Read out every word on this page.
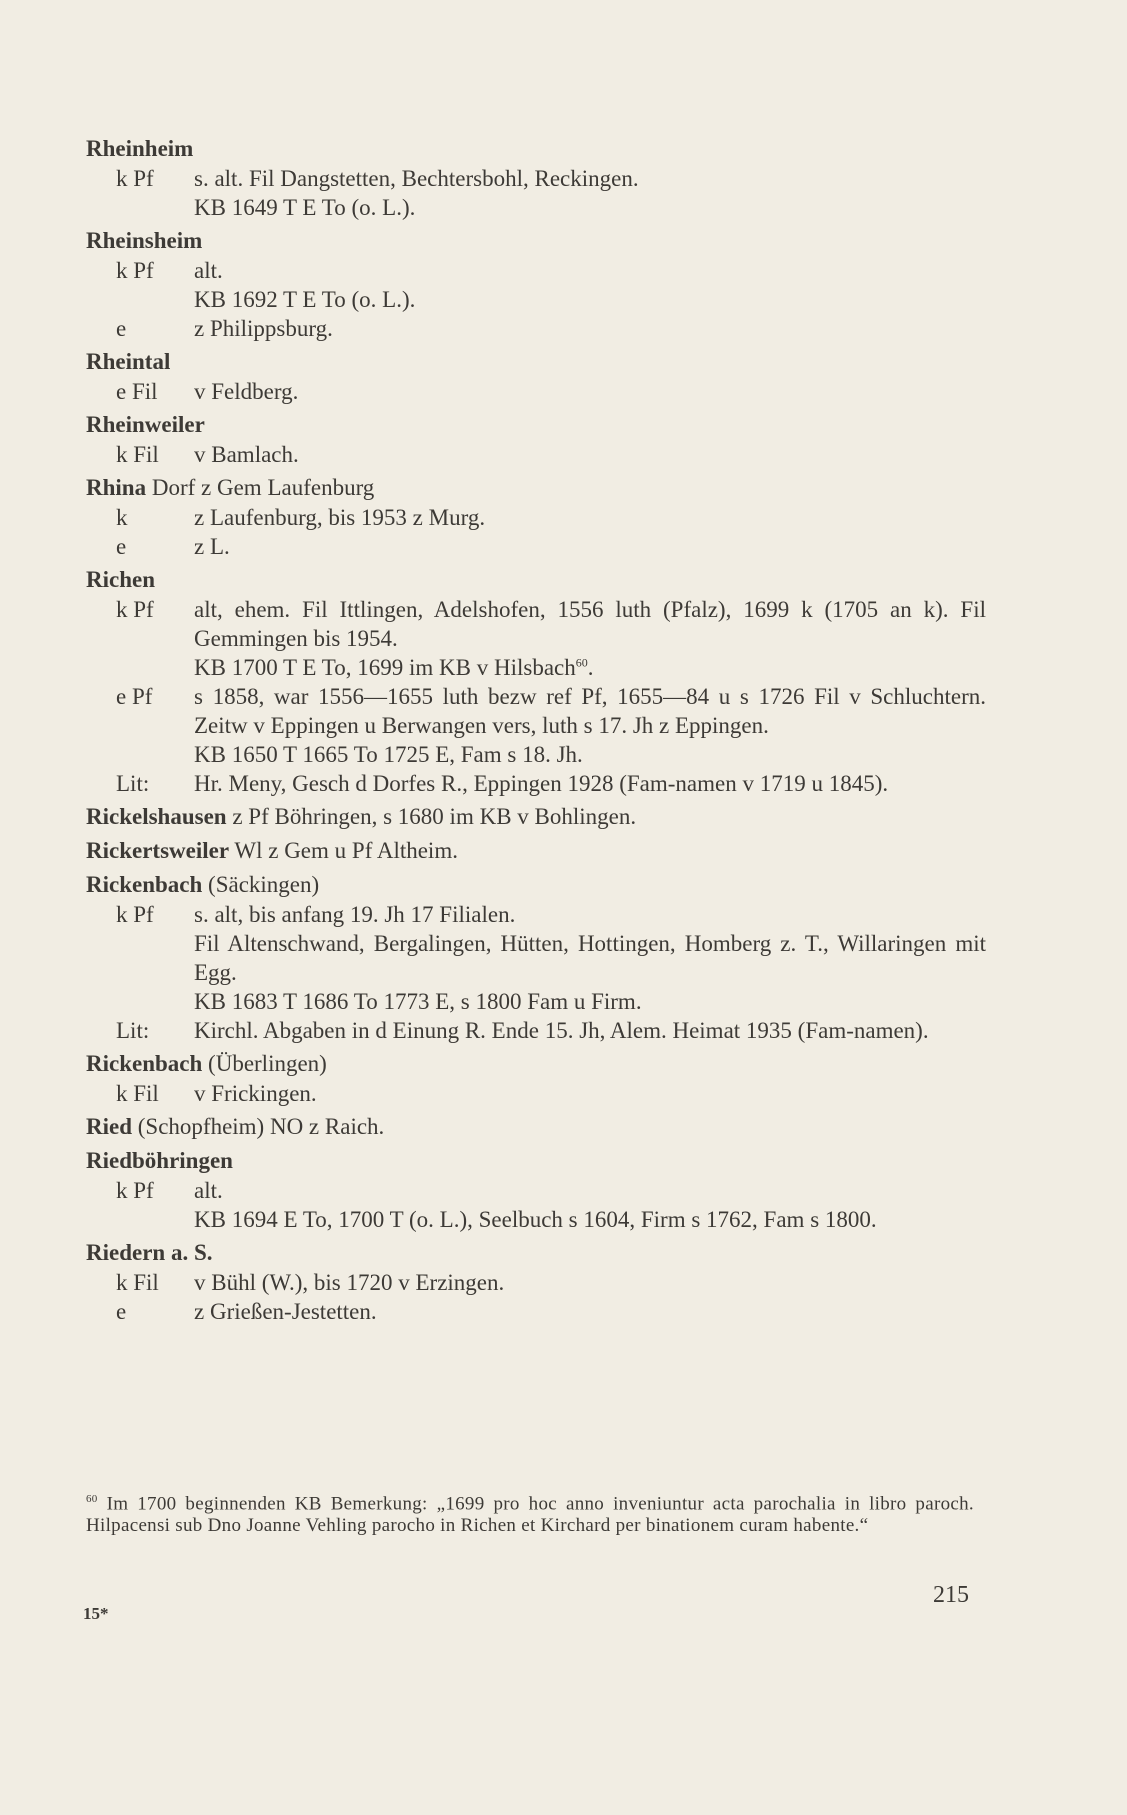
Rheinheim
k Pf	s. alt. Fil Dangstetten, Bechtersbohl, Reckingen.
KB 1649 T E To (o. L.).
Rheinsheim
k Pf	alt.
KB 1692 T E To (o. L.).
e	z Philippsburg.
Rheintal
e Fil	v Feldberg.
Rheinweiler
k Fil	v Bamlach.
Rhina Dorf z Gem Laufenburg
k	z Laufenburg, bis 1953 z Murg.
e	z L.
Richen
k Pf	alt, ehem. Fil Ittlingen, Adelshofen, 1556 luth (Pfalz), 1699 k (1705 an k). Fil Gemmingen bis 1954.
KB 1700 T E To, 1699 im KB v Hilsbach$^{60}$.
e Pf	s 1858, war 1556—1655 luth bezw ref Pf, 1655—84 u s 1726 Fil v Schluchtern. Zeitw v Eppingen u Berwangen vers, luth s 17. Jh z Eppingen.
KB 1650 T 1665 To 1725 E, Fam s 18. Jh.
Lit:	Hr. Meny, Gesch d Dorfes R., Eppingen 1928 (Fam-namen v 1719 u 1845).
Rickelshausen z Pf Böhringen, s 1680 im KB v Bohlingen.
Rickertsweiler Wl z Gem u Pf Altheim.
Rickenbach (Säckingen)
k Pf	s. alt, bis anfang 19. Jh 17 Filialen.
Fil Altenschwand, Bergalingen, Hütten, Hottingen, Homberg z. T., Willaringen mit Egg.
KB 1683 T 1686 To 1773 E, s 1800 Fam u Firm.
Lit:	Kirchl. Abgaben in d Einung R. Ende 15. Jh, Alem. Heimat 1935 (Fam-namen).
Rickenbach (Überlingen)
k Fil	v Frickingen.
Ried (Schopfheim) NO z Raich.
Riedböhringen
k Pf	alt.
KB 1694 E To, 1700 T (o. L.), Seelbuch s 1604, Firm s 1762, Fam s 1800.
Riedern a. S.
k Fil	v Bühl (W.), bis 1720 v Erzingen.
e	z Grießen-Jestetten.
$^{60}$ Im 1700 beginnenden KB Bemerkung: „1699 pro hoc anno inveniuntur acta parochalia in libro paroch. Hilpacensi sub Dno Joanne Vehling parocho in Richen et Kirchard per binationem curam habente.“
215
15*
